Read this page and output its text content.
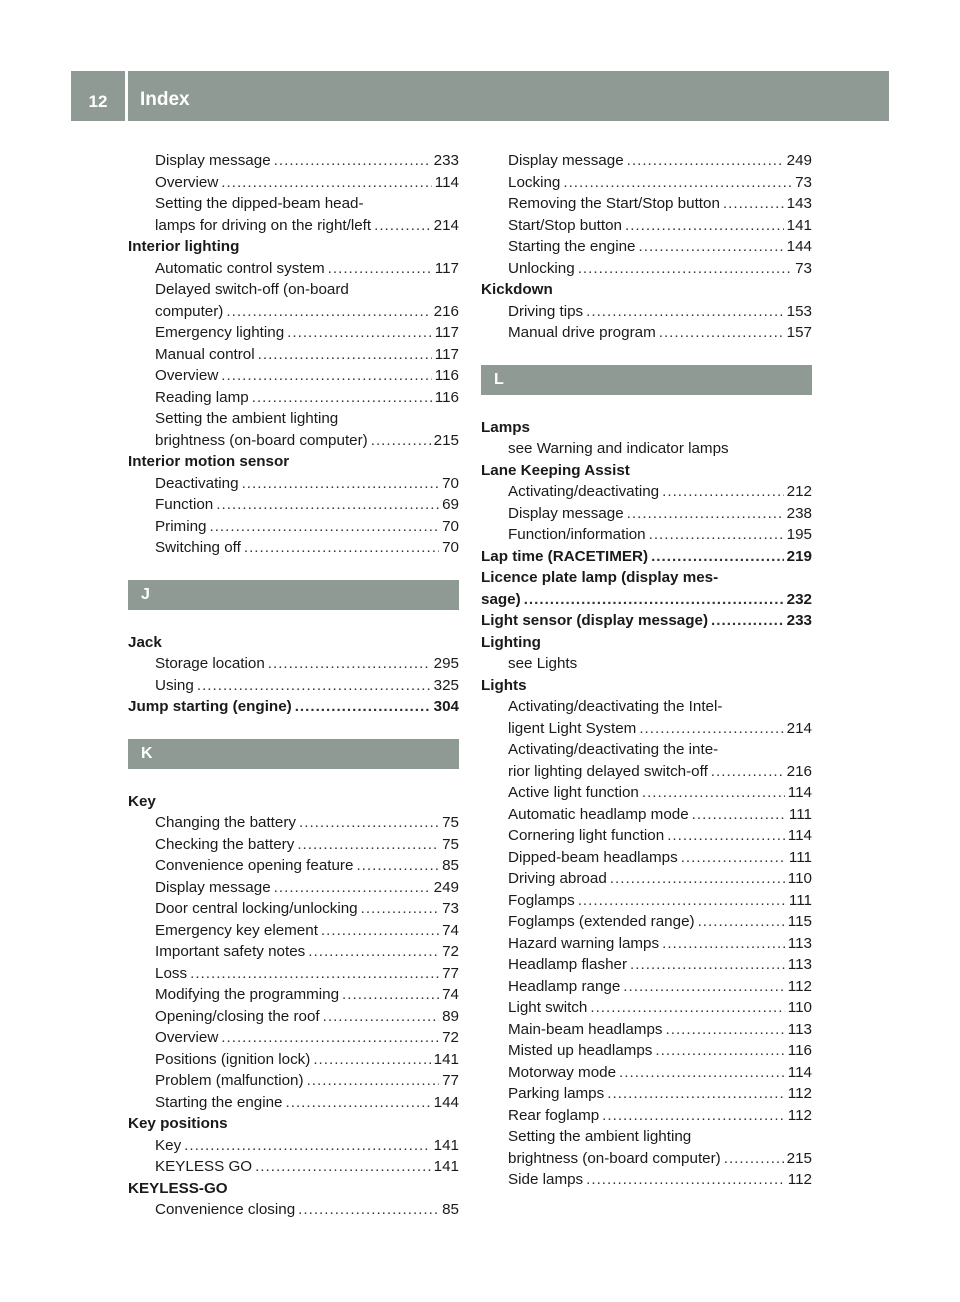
12	Index
Display message .....	233
Overview .....	114
Setting the dipped-beam head-
lamps for driving on the right/left .....	214
Interior lighting
Automatic control system .....	117
Delayed switch-off (on-board
computer) .....	216
Emergency lighting .....	117
Manual control .....	117
Overview .....	116
Reading lamp .....	116
Setting the ambient lighting
brightness (on-board computer) .....	215
Interior motion sensor
Deactivating .....	70
Function .....	69
Priming .....	70
Switching off .....	70
J
Jack
Storage location .....	295
Using .....	325
Jump starting (engine) .....	304
K
Key
Changing the battery .....	75
Checking the battery .....	75
Convenience opening feature .....	85
Display message .....	249
Door central locking/unlocking .....	73
Emergency key element .....	74
Important safety notes .....	72
Loss .....	77
Modifying the programming .....	74
Opening/closing the roof .....	89
Overview .....	72
Positions (ignition lock) .....	141
Problem (malfunction) .....	77
Starting the engine .....	144
Key positions
Key .....	141
KEYLESS GO .....	141
KEYLESS-GO
Convenience closing .....	85
Display message .....	249
Locking .....	73
Removing the Start/Stop button .....	143
Start/Stop button .....	141
Starting the engine .....	144
Unlocking .....	73
Kickdown
Driving tips .....	153
Manual drive program .....	157
L
Lamps
see Warning and indicator lamps
Lane Keeping Assist
Activating/deactivating .....	212
Display message .....	238
Function/information .....	195
Lap time (RACETIMER) .....	219
Licence plate lamp (display mes-
sage) .....	232
Light sensor (display message) .....	233
Lighting
see Lights
Lights
Activating/deactivating the Intel-
ligent Light System .....	214
Activating/deactivating the inte-
rior lighting delayed switch-off .....	216
Active light function .....	114
Automatic headlamp mode .....	111
Cornering light function .....	114
Dipped-beam headlamps .....	111
Driving abroad .....	110
Foglamps .....	111
Foglamps (extended range) .....	115
Hazard warning lamps .....	113
Headlamp flasher .....	113
Headlamp range .....	112
Light switch .....	110
Main-beam headlamps .....	113
Misted up headlamps .....	116
Motorway mode .....	114
Parking lamps .....	112
Rear foglamp .....	112
Setting the ambient lighting
brightness (on-board computer) .....	215
Side lamps .....	112
